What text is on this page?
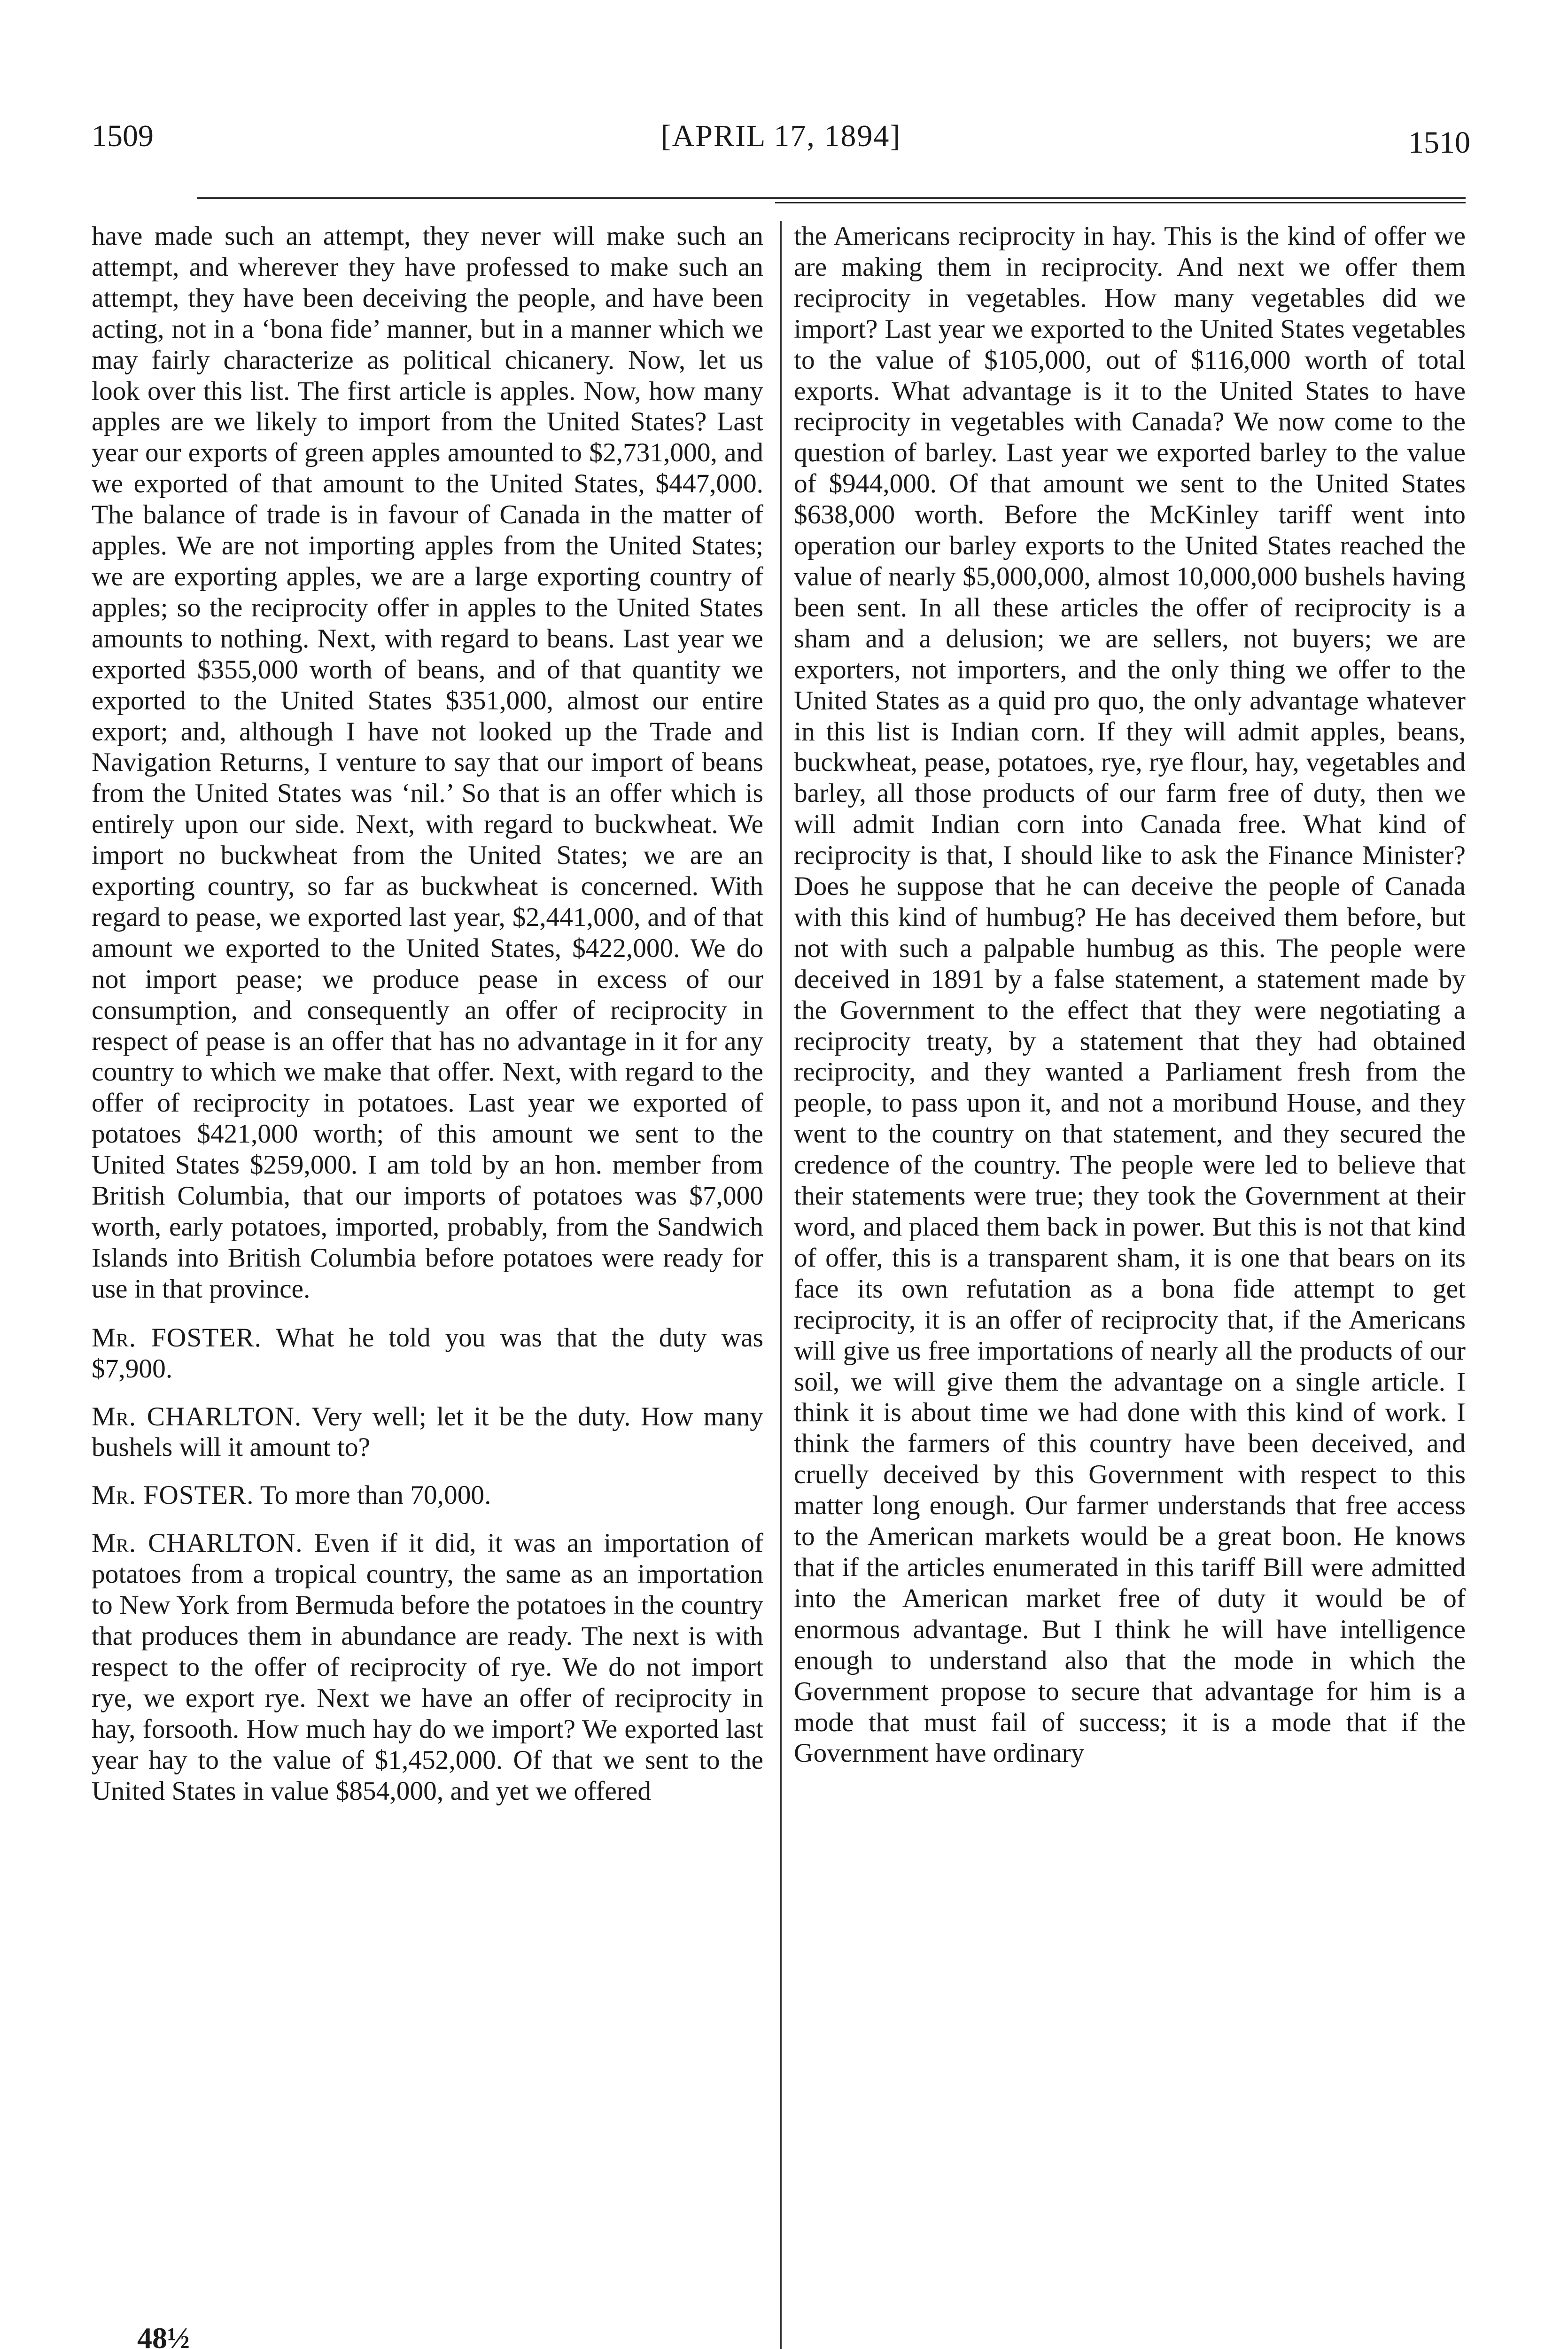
1509	[APRIL 17, 1894]	1510

have made such an attempt, they never will make such an attempt, and wherever they have professed to make such an attempt, they have been deceiving the people, and have been acting, not in a ‘bona fide’ manner, but in a manner which we may fairly characterize as political chicanery. Now, let us look over this list. The first article is apples. Now, how many apples are we likely to import from the United States? Last year our exports of green apples amounted to $2,731,000, and we exported of that amount to the United States, $447,000. The balance of trade is in favour of Canada in the matter of apples. We are not importing apples from the United States; we are exporting apples, we are a large exporting country of apples; so the reciprocity offer in apples to the United States amounts to nothing. Next, with regard to beans. Last year we exported $355,000 worth of beans, and of that quantity we exported to the United States $351,000, almost our entire export; and, although I have not looked up the Trade and Navigation Returns, I venture to say that our import of beans from the United States was ‘nil.’ So that is an offer which is entirely upon our side. Next, with regard to buckwheat. We import no buckwheat from the United States; we are an exporting country, so far as buckwheat is concerned. With regard to pease, we exported last year, $2,441,000, and of that amount we exported to the United States, $422,000. We do not import pease; we produce pease in excess of our consumption, and consequently an offer of reciprocity in respect of pease is an offer that has no advantage in it for any country to which we make that offer. Next, with regard to the offer of reciprocity in potatoes. Last year we exported of potatoes $421,000 worth; of this amount we sent to the United States $259,000. I am told by an hon. member from British Columbia, that our imports of potatoes was $7,000 worth, early potatoes, imported, probably, from the Sandwich Islands into British Columbia before potatoes were ready for use in that province.

Mr. FOSTER. What he told you was that the duty was $7,900.

Mr. CHARLTON. Very well; let it be the duty. How many bushels will it amount to?

Mr. FOSTER. To more than 70,000.

Mr. CHARLTON. Even if it did, it was an importation of potatoes from a tropical country, the same as an importation to New York from Bermuda before the potatoes in the country that produces them in abundance are ready. The next is with respect to the offer of reciprocity of rye. We do not import rye, we export rye. Next we have an offer of reciprocity in hay, forsooth. How much hay do we import? We exported last year hay to the value of $1,452,000. Of that we sent to the United States in value $854,000, and yet we offered

the Americans reciprocity in hay. This is the kind of offer we are making them in reciprocity. And next we offer them reciprocity in vegetables. How many vegetables did we import? Last year we exported to the United States vegetables to the value of $105,000, out of $116,000 worth of total exports. What advantage is it to the United States to have reciprocity in vegetables with Canada? We now come to the question of barley. Last year we exported barley to the value of $944,000. Of that amount we sent to the United States $638,000 worth. Before the McKinley tariff went into operation our barley exports to the United States reached the value of nearly $5,000,000, almost 10,000,000 bushels having been sent. In all these articles the offer of reciprocity is a sham and a delusion; we are sellers, not buyers; we are exporters, not importers, and the only thing we offer to the United States as a quid pro quo, the only advantage whatever in this list is Indian corn. If they will admit apples, beans, buckwheat, pease, potatoes, rye, rye flour, hay, vegetables and barley, all those products of our farm free of duty, then we will admit Indian corn into Canada free. What kind of reciprocity is that, I should like to ask the Finance Minister? Does he suppose that he can deceive the people of Canada with this kind of humbug? He has deceived them before, but not with such a palpable humbug as this. The people were deceived in 1891 by a false statement, a statement made by the Government to the effect that they were negotiating a reciprocity treaty, by a statement that they had obtained reciprocity, and they wanted a Parliament fresh from the people, to pass upon it, and not a moribund House, and they went to the country on that statement, and they secured the credence of the country. The people were led to believe that their statements were true; they took the Government at their word, and placed them back in power. But this is not that kind of offer, this is a transparent sham, it is one that bears on its face its own refutation as a bona fide attempt to get reciprocity, it is an offer of reciprocity that, if the Americans will give us free importations of nearly all the products of our soil, we will give them the advantage on a single article. I think it is about time we had done with this kind of work. I think the farmers of this country have been deceived, and cruelly deceived by this Government with respect to this matter long enough. Our farmer understands that free access to the American markets would be a great boon. He knows that if the articles enumerated in this tariff Bill were admitted into the American market free of duty it would be of enormous advantage. But I think he will have intelligence enough to understand also that the mode in which the Government propose to secure that advantage for him is a mode that must fail of success; it is a mode that if the Government have ordinary

48½
